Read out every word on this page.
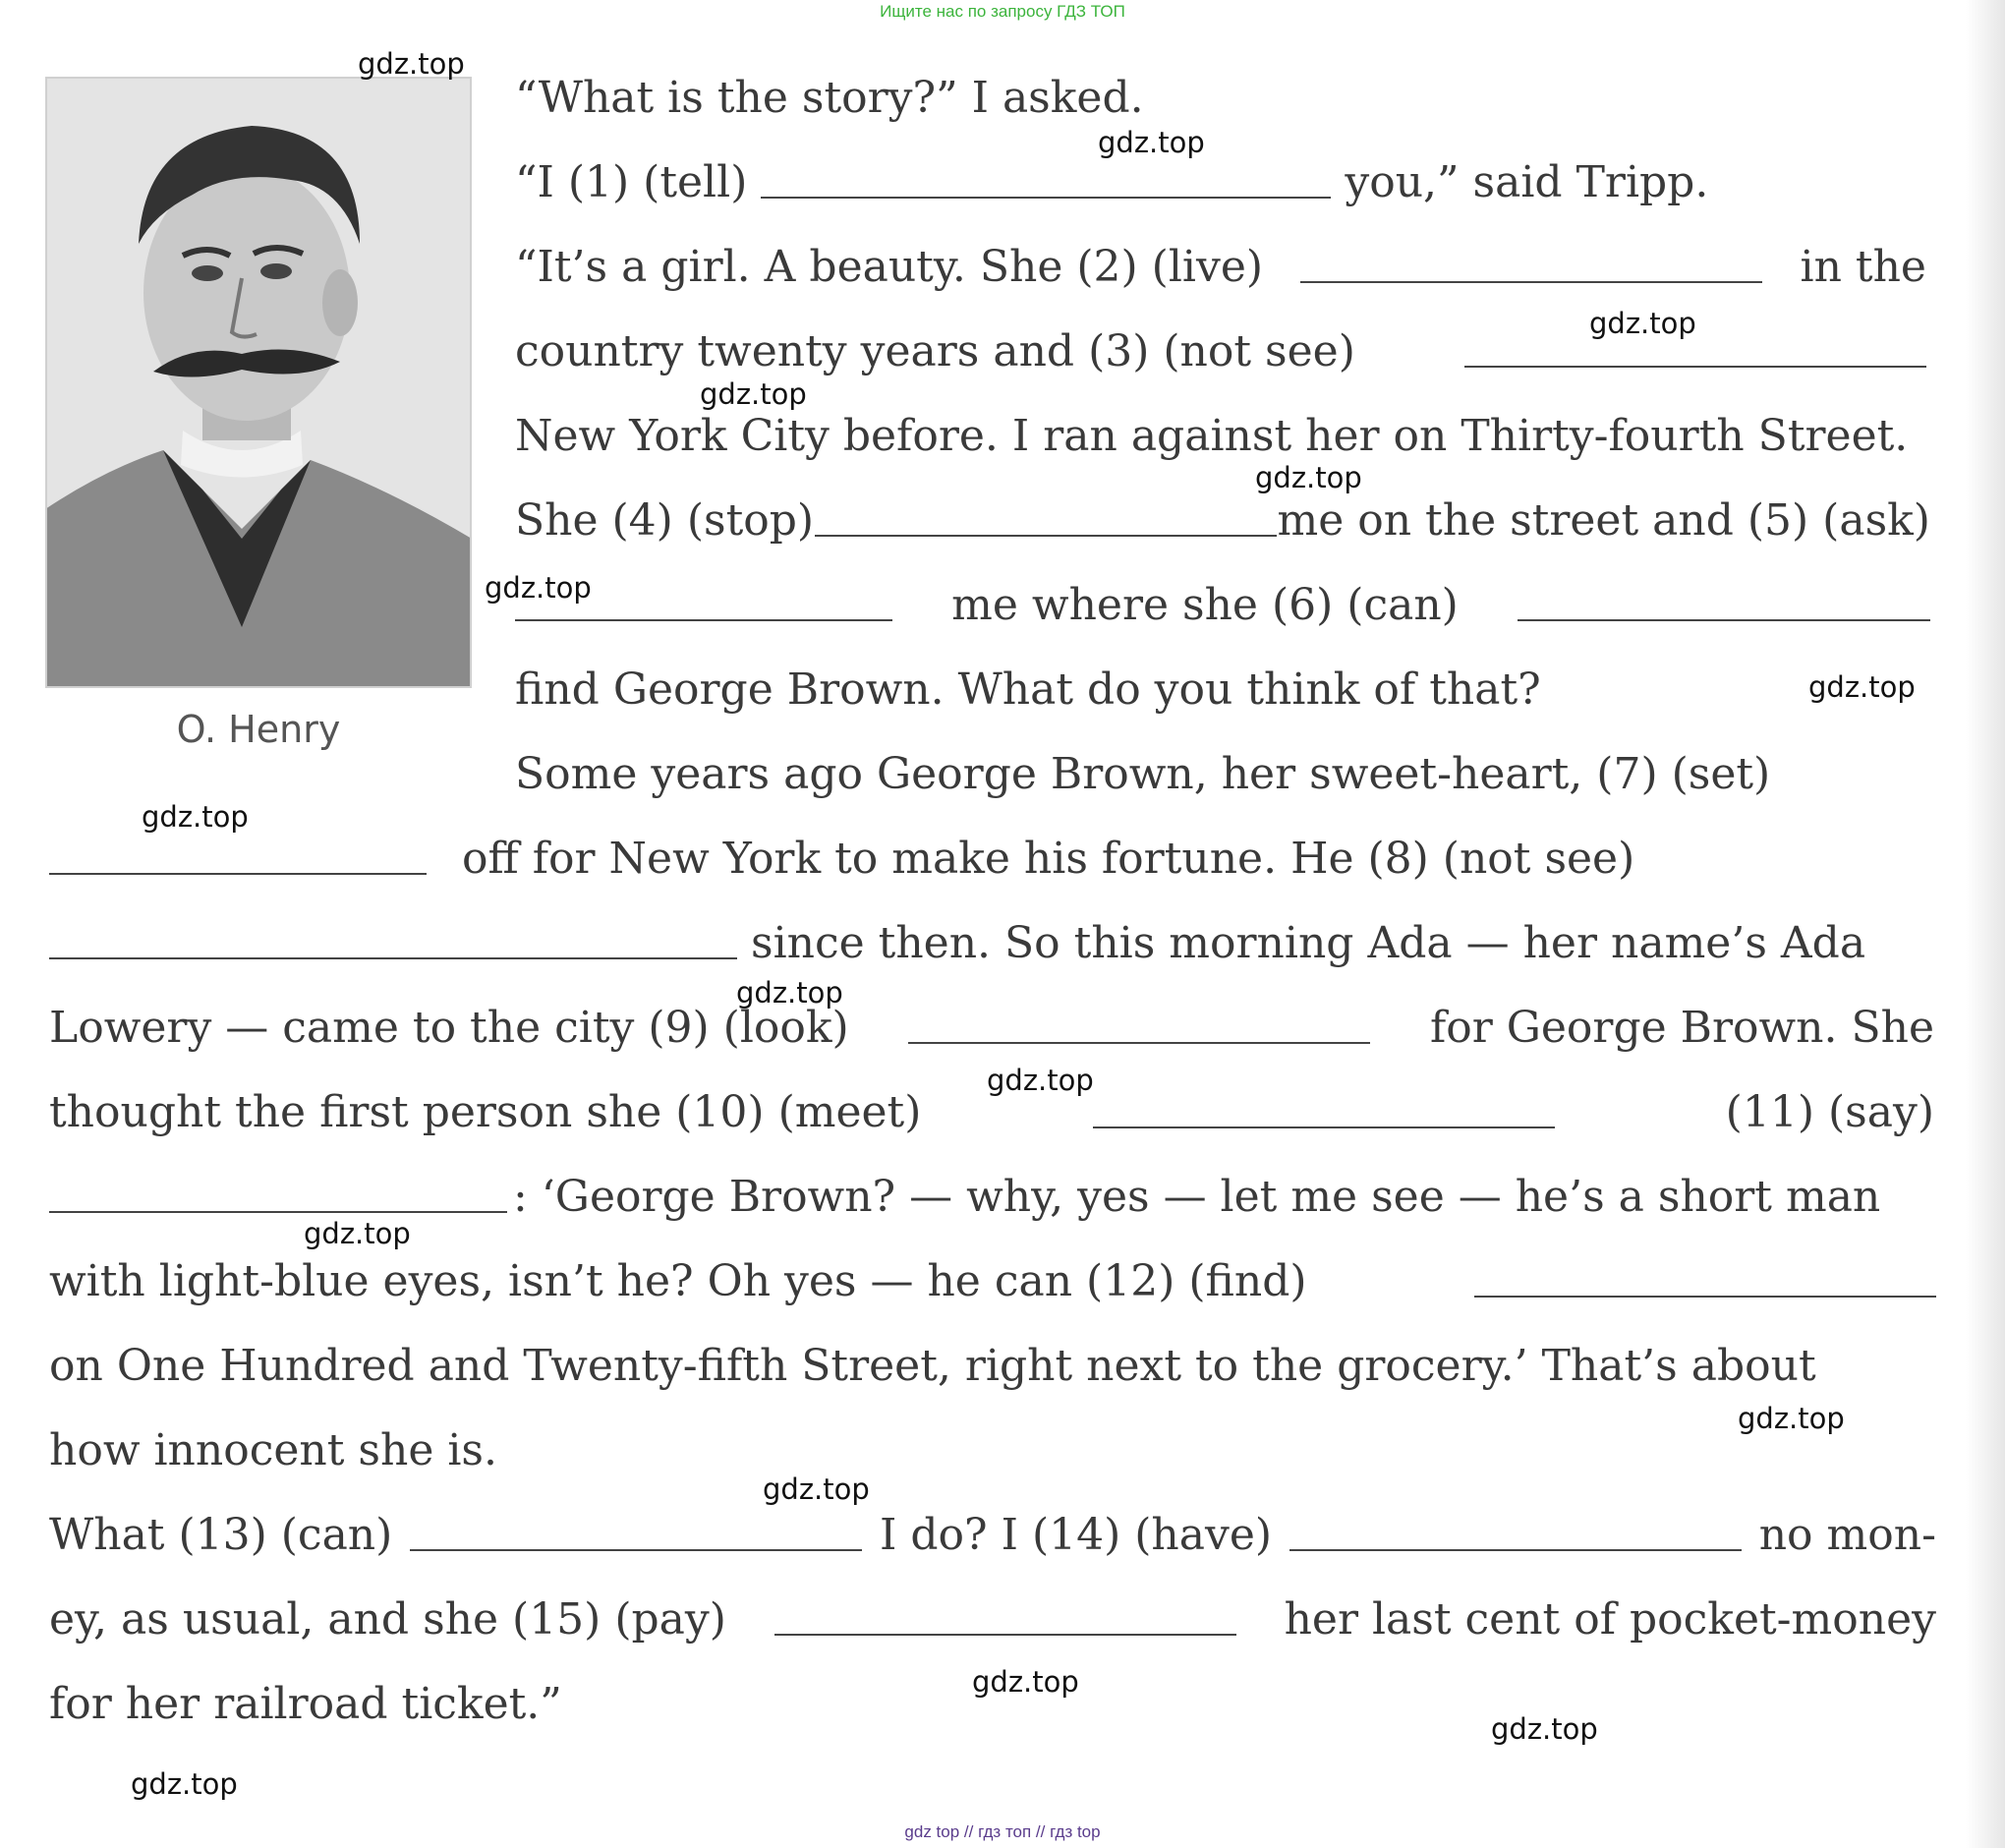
Ищите нас по запросу ГДЗ ТОП
O. Henry
“What is the story?” I asked.
“I (1) (tell)	you,” said Tripp.
“It’s a girl. A beauty. She (2) (live)	in the
country twenty years and (3) (not see)
New York City before. I ran against her on Thirty-fourth Street.
She (4) (stop)	me on the street and (5) (ask)
me where she (6) (can)
find George Brown. What do you think of that?
Some years ago George Brown, her sweet-heart, (7) (set)
off for New York to make his fortune. He (8) (not see)
since then. So this morning Ada — her name’s Ada
Lowery — came to the city (9) (look)	for George Brown. She
thought the first person she (10) (meet)	(11) (say)
: ‘George Brown? — why, yes — let me see — he’s a short man
with light-blue eyes, isn’t he? Oh yes — he can (12) (find)
on One Hundred and Twenty-fifth Street, right next to the grocery.’ That’s about
how innocent she is.
What (13) (can)	I do? I (14) (have)	no mon-
ey, as usual, and she (15) (pay)	her last cent of pocket-money
for her railroad ticket.”
gdz.top
gdz.top
gdz.top
gdz.top
gdz.top
gdz.top
gdz.top
gdz.top
gdz.top
gdz.top
gdz.top
gdz.top
gdz.top
gdz.top
gdz.top
gdz.top
gdz top // гдз топ // гдз top
